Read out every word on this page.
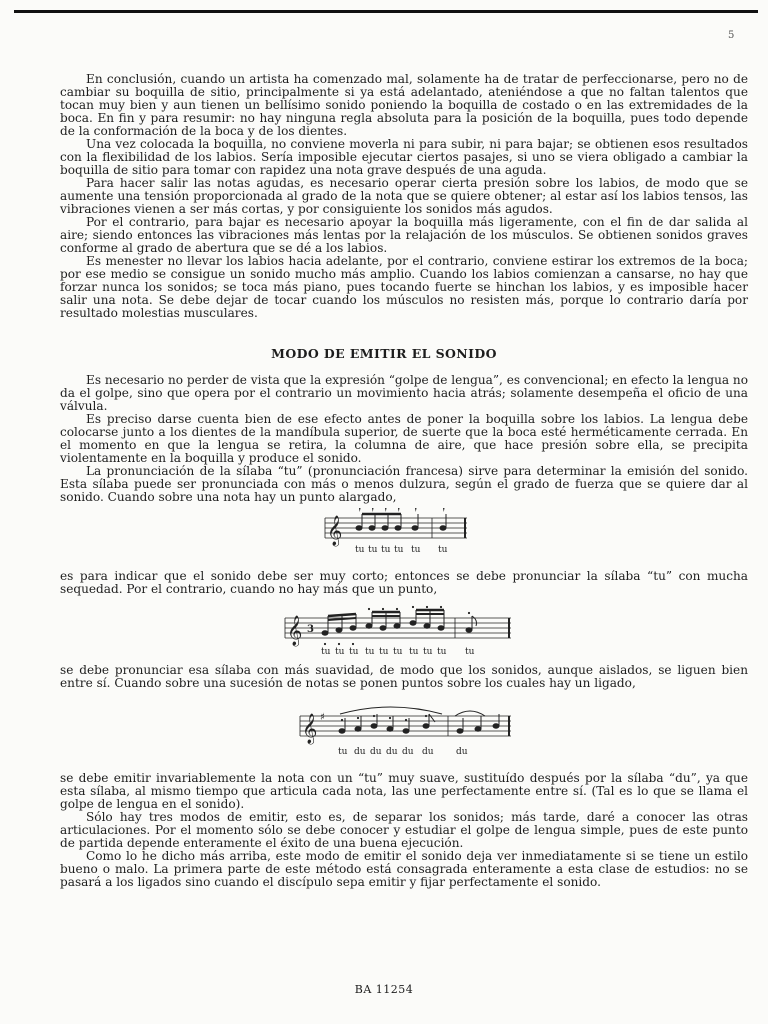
5

En conclusión, cuando un artista ha comenzado mal, solamente ha de tratar de perfeccionarse, pero no de cambiar su boquilla de sitio, principalmente si ya está adelantado, ateniéndose a que no faltan talentos que tocan muy bien y aun tienen un bellísimo sonido poniendo la boquilla de costado o en las extremidades de la boca. En fin y para resumir: no hay ninguna regla absoluta para la posición de la boquilla, pues todo depende de la conformación de la boca y de los dientes.

Una vez colocada la boquilla, no conviene moverla ni para subir, ni para bajar; se obtienen esos resultados con la flexibilidad de los labios. Sería imposible ejecutar ciertos pasajes, si uno se viera obligado a cambiar la boquilla de sitio para tomar con rapidez una nota grave después de una aguda.

Para hacer salir las notas agudas, es necesario operar cierta presión sobre los labios, de modo que se aumente una tensión proporcionada al grado de la nota que se quiere obtener; al estar así los labios tensos, las vibraciones vienen a ser más cortas, y por consiguiente los sonidos más agudos.

Por el contrario, para bajar es necesario apoyar la boquilla más ligeramente, con el fin de dar salida al aire; siendo entonces las vibraciones más lentas por la relajación de los músculos. Se obtienen sonidos graves conforme al grado de abertura que se dé a los labios.

Es menester no llevar los labios hacia adelante, por el contrario, conviene estirar los extremos de la boca; por ese medio se consigue un sonido mucho más amplio. Cuando los labios comienzan a cansarse, no hay que forzar nunca los sonidos; se toca más piano, pues tocando fuerte se hinchan los labios, y es imposible hacer salir una nota. Se debe dejar de tocar cuando los músculos no resisten más, porque lo contrario daría por resultado molestias musculares.

MODO DE EMITIR EL SONIDO

Es necesario no perder de vista que la expresión “golpe de lengua”, es convencional; en efecto la lengua no da el golpe, sino que opera por el contrario un movimiento hacia atrás; solamente desempeña el oficio de una válvula.

Es preciso darse cuenta bien de ese efecto antes de poner la boquilla sobre los labios. La lengua debe colocarse junto a los dientes de la mandíbula superior, de suerte que la boca esté herméticamente cerrada. En el momento en que la lengua se retira, la columna de aire, que hace presión sobre ella, se precipita violentamente en la boquilla y produce el sonido.

La pronunciación de la sílaba “tu” (pronunciación francesa) sirve para determinar la emisión del sonido. Esta sílaba puede ser pronunciada con más o menos dulzura, según el grado de fuerza que se quiere dar al sonido. Cuando sobre una nota hay un punto alargado,

𝄞
tu tu tu tu tu tu

es para indicar que el sonido debe ser muy corto; entonces se debe pronunciar la sílaba “tu” con mucha sequedad. Por el contrario, cuando no hay más que un punto,

𝄞 3
tu tu tu tu tu tu tu tu tu tu

se debe pronunciar esa sílaba con más suavidad, de modo que los sonidos, aunque aislados, se liguen bien entre sí. Cuando sobre una sucesión de notas se ponen puntos sobre los cuales hay un ligado,

𝄞 ♯
tu du du du du du du

se debe emitir invariablemente la nota con un “tu” muy suave, sustituído después por la sílaba “du”, ya que esta sílaba, al mismo tiempo que articula cada nota, las une perfectamente entre sí. (Tal es lo que se llama el golpe de lengua en el sonido).

Sólo hay tres modos de emitir, esto es, de separar los sonidos; más tarde, daré a conocer las otras articulaciones. Por el momento sólo se debe conocer y estudiar el golpe de lengua simple, pues de este punto de partida depende enteramente el éxito de una buena ejecución.

Como lo he dicho más arriba, este modo de emitir el sonido deja ver inmediatamente si se tiene un estilo bueno o malo. La primera parte de este método está consagrada enteramente a esta clase de estudios: no se pasará a los ligados sino cuando el discípulo sepa emitir y fijar perfectamente el sonido.

BA 11254
